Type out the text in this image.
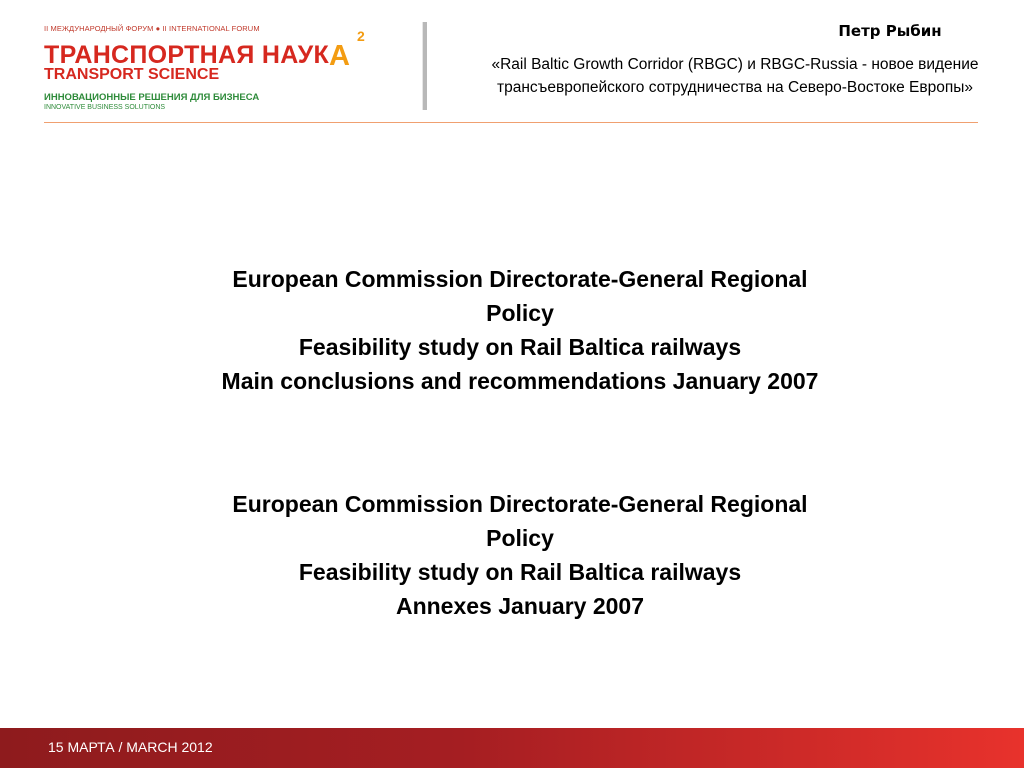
II МЕЖДУНАРОДНЫЙ ФОРУМ ● II INTERNATIONAL FORUM
ТРАНСПОРТНАЯ НАУКА
2
TRANSPORT SCIENCE
ИННОВАЦИОННЫЕ РЕШЕНИЯ ДЛЯ БИЗНЕСА
INNOVATIVE BUSINESS SOLUTIONS
Петр Рыбин
«Rail Baltic Growth Corridor (RBGC) и RBGC-Russia - новое видение трансъевропейского сотрудничества на Северо-Востоке Европы»
European Commission Directorate-General Regional
Policy
Feasibility study on Rail Baltica railways
Main conclusions and recommendations January 2007
European Commission Directorate-General Regional
Policy
Feasibility study on Rail Baltica railways
Annexes January 2007
15 МАРТА / MARCH 2012
